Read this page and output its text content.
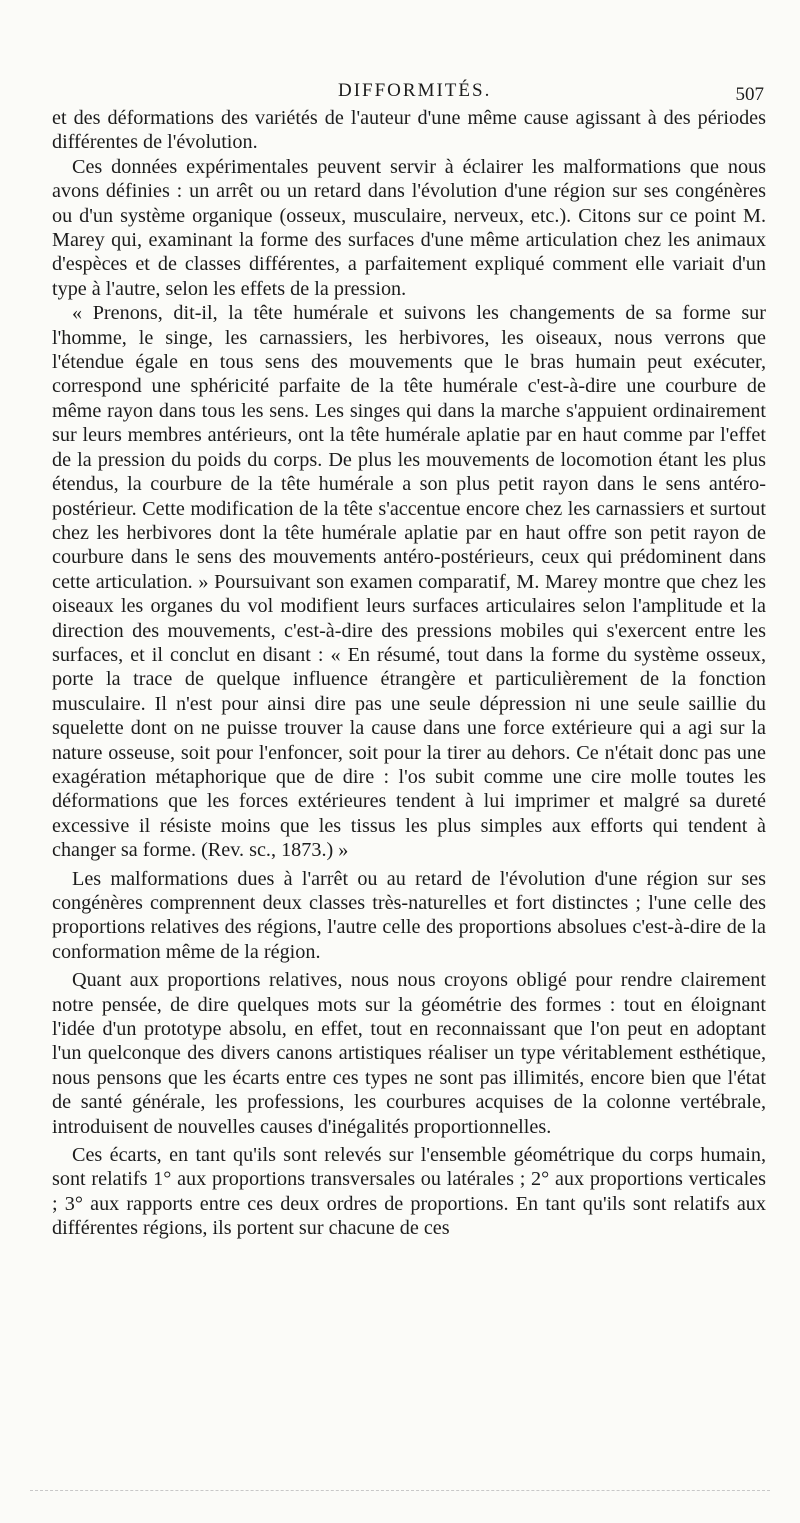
DIFFORMITÉS.	507

et des déformations des variétés de l'auteur d'une même cause agissant à des périodes différentes de l'évolution.

Ces données expérimentales peuvent servir à éclairer les malformations que nous avons définies : un arrêt ou un retard dans l'évolution d'une région sur ses congénères ou d'un système organique (osseux, musculaire, nerveux, etc.). Citons sur ce point M. Marey qui, examinant la forme des surfaces d'une même articulation chez les animaux d'espèces et de classes différentes, a parfaitement expliqué comment elle variait d'un type à l'autre, selon les effets de la pression.

« Prenons, dit-il, la tête humérale et suivons les changements de sa forme sur l'homme, le singe, les carnassiers, les herbivores, les oiseaux, nous verrons que l'étendue égale en tous sens des mouvements que le bras humain peut exécuter, correspond une sphéricité parfaite de la tête humérale c'est-à-dire une courbure de même rayon dans tous les sens. Les singes qui dans la marche s'appuient ordinairement sur leurs membres antérieurs, ont la tête humérale aplatie par en haut comme par l'effet de la pression du poids du corps. De plus les mouvements de locomotion étant les plus étendus, la courbure de la tête humérale a son plus petit rayon dans le sens antéro-postérieur. Cette modification de la tête s'accentue encore chez les carnassiers et surtout chez les herbivores dont la tête humérale aplatie par en haut offre son petit rayon de courbure dans le sens des mouvements antéro-postérieurs, ceux qui prédominent dans cette articulation. » Poursuivant son examen comparatif, M. Marey montre que chez les oiseaux les organes du vol modifient leurs surfaces articulaires selon l'amplitude et la direction des mouvements, c'est-à-dire des pressions mobiles qui s'exercent entre les surfaces, et il conclut en disant : « En résumé, tout dans la forme du système osseux, porte la trace de quelque influence étrangère et particulièrement de la fonction musculaire. Il n'est pour ainsi dire pas une seule dépression ni une seule saillie du squelette dont on ne puisse trouver la cause dans une force extérieure qui a agi sur la nature osseuse, soit pour l'enfoncer, soit pour la tirer au dehors. Ce n'était donc pas une exagération métaphorique que de dire : l'os subit comme une cire molle toutes les déformations que les forces extérieures tendent à lui imprimer et malgré sa dureté excessive il résiste moins que les tissus les plus simples aux efforts qui tendent à changer sa forme. (Rev. sc., 1873.) »

Les malformations dues à l'arrêt ou au retard de l'évolution d'une région sur ses congénères comprennent deux classes très-naturelles et fort distinctes ; l'une celle des proportions relatives des régions, l'autre celle des proportions absolues c'est-à-dire de la conformation même de la région.

Quant aux proportions relatives, nous nous croyons obligé pour rendre clairement notre pensée, de dire quelques mots sur la géométrie des formes : tout en éloignant l'idée d'un prototype absolu, en effet, tout en reconnaissant que l'on peut en adoptant l'un quelconque des divers canons artistiques réaliser un type véritablement esthétique, nous pensons que les écarts entre ces types ne sont pas illimités, encore bien que l'état de santé générale, les professions, les courbures acquises de la colonne vertébrale, introduisent de nouvelles causes d'inégalités proportionnelles.

Ces écarts, en tant qu'ils sont relevés sur l'ensemble géométrique du corps humain, sont relatifs 1° aux proportions transversales ou latérales ; 2° aux proportions verticales ; 3° aux rapports entre ces deux ordres de proportions. En tant qu'ils sont relatifs aux différentes régions, ils portent sur chacune de ces
